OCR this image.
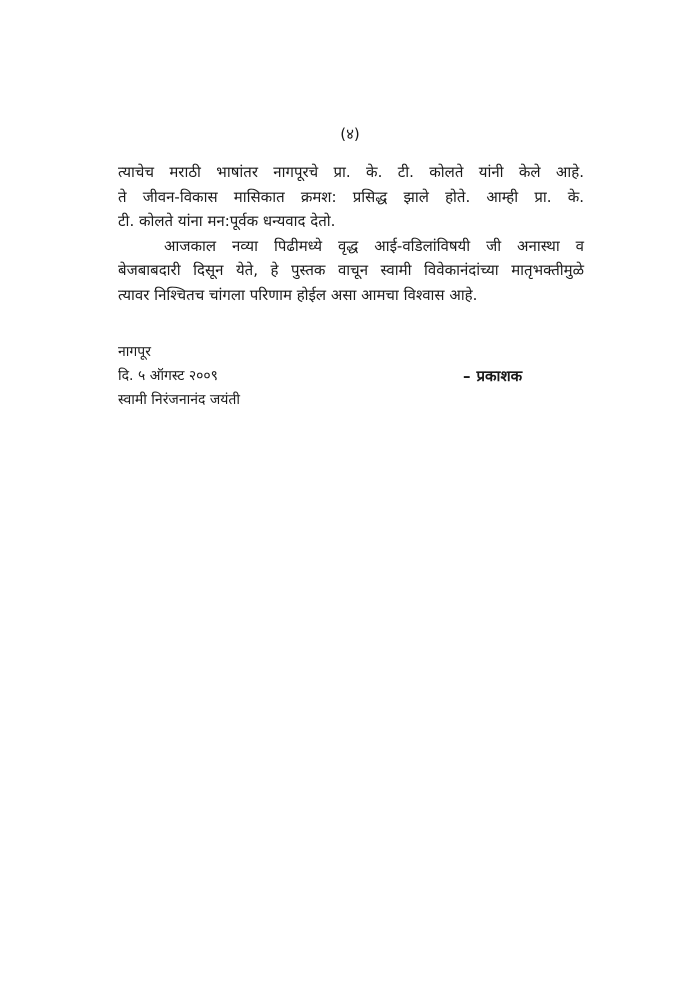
(४)

त्याचेच मराठी भाषांतर नागपूरचे प्रा. के. टी. कोलते यांनी केले आहे.
ते जीवन-विकास मासिकात क्रमश: प्रसिद्ध झाले होते. आम्ही प्रा. के.
टी. कोलते यांना मन:पूर्वक धन्यवाद देतो.

आजकाल नव्या पिढीमध्ये वृद्ध आई-वडिलांविषयी जी अनास्था व
बेजबाबदारी दिसून येते, हे पुस्तक वाचून स्वामी विवेकानंदांच्या मातृभक्तीमुळे
त्यावर निश्चितच चांगला परिणाम होईल असा आमचा विश्वास आहे.

नागपूर
दि. ५ ऑगस्ट २००९
स्वामी निरंजनानंद जयंती
– प्रकाशक
